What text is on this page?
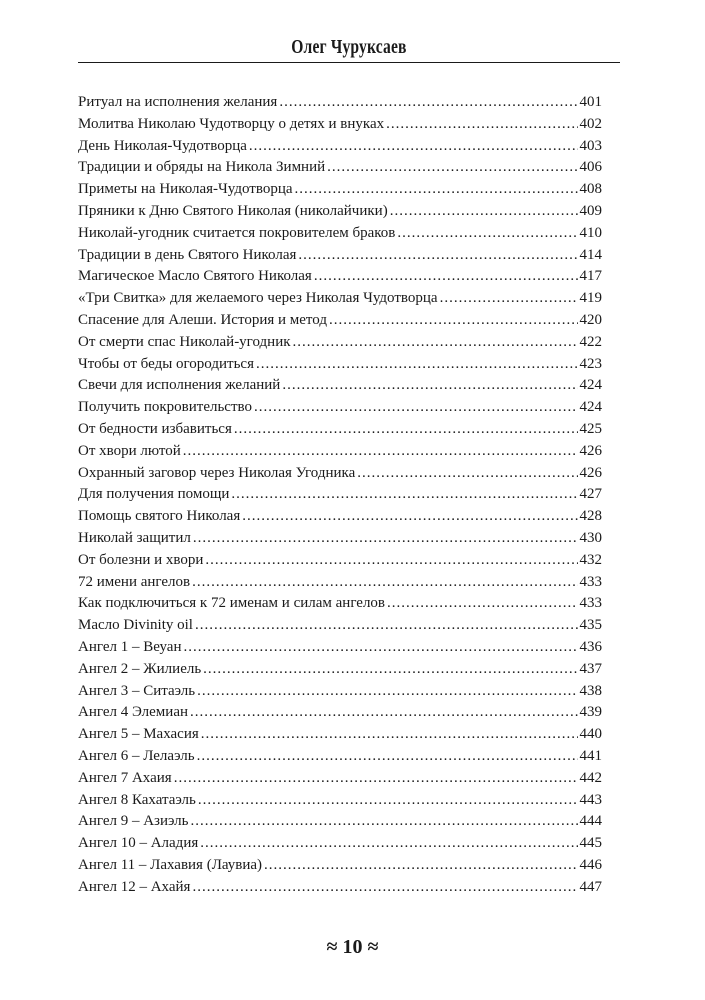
Олег Чуруксаев
Ритуал на исполнения желания .....	401
Молитва Николаю Чудотворцу о детях и внуках .....	402
День Николая-Чудотворца .....	403
Традиции и обряды на Никола Зимний .....	406
Приметы на Николая-Чудотворца .....	408
Пряники к Дню Святого Николая (николайчики) .....	409
Николай-угодник считается покровителем браков .....	410
Традиции в день Святого Николая .....	414
Магическое Масло Святого Николая .....	417
«Три Свитка» для желаемого через Николая Чудотворца .....	419
Спасение для Алеши. История и метод .....	420
От смерти спас Николай-угодник .....	422
Чтобы от беды огородиться .....	423
Свечи для исполнения желаний .....	424
Получить покровительство .....	424
От бедности избавиться .....	425
От хвори лютой .....	426
Охранный заговор через Николая Угодника .....	426
Для получения помощи .....	427
Помощь святого Николая .....	428
Николай защитил .....	430
От болезни и хвори .....	432
72 имени ангелов .....	433
Как подключиться к 72 именам и силам ангелов .....	433
Масло Divinity oil .....	435
Ангел 1 – Веуан .....	436
Ангел 2 – Жилиель .....	437
Ангел 3 – Ситаэль .....	438
Ангел 4 Элемиан .....	439
Ангел 5 – Махасия .....	440
Ангел 6 – Лелаэль .....	441
Ангел 7 Ахаия .....	442
Ангел 8 Кахатаэль .....	443
Ангел 9 – Азиэль .....	444
Ангел 10 – Аладия .....	445
Ангел 11 – Лахавия (Лаувиа) .....	446
Ангел 12 – Ахайя .....	447
≈ 10 ≈
